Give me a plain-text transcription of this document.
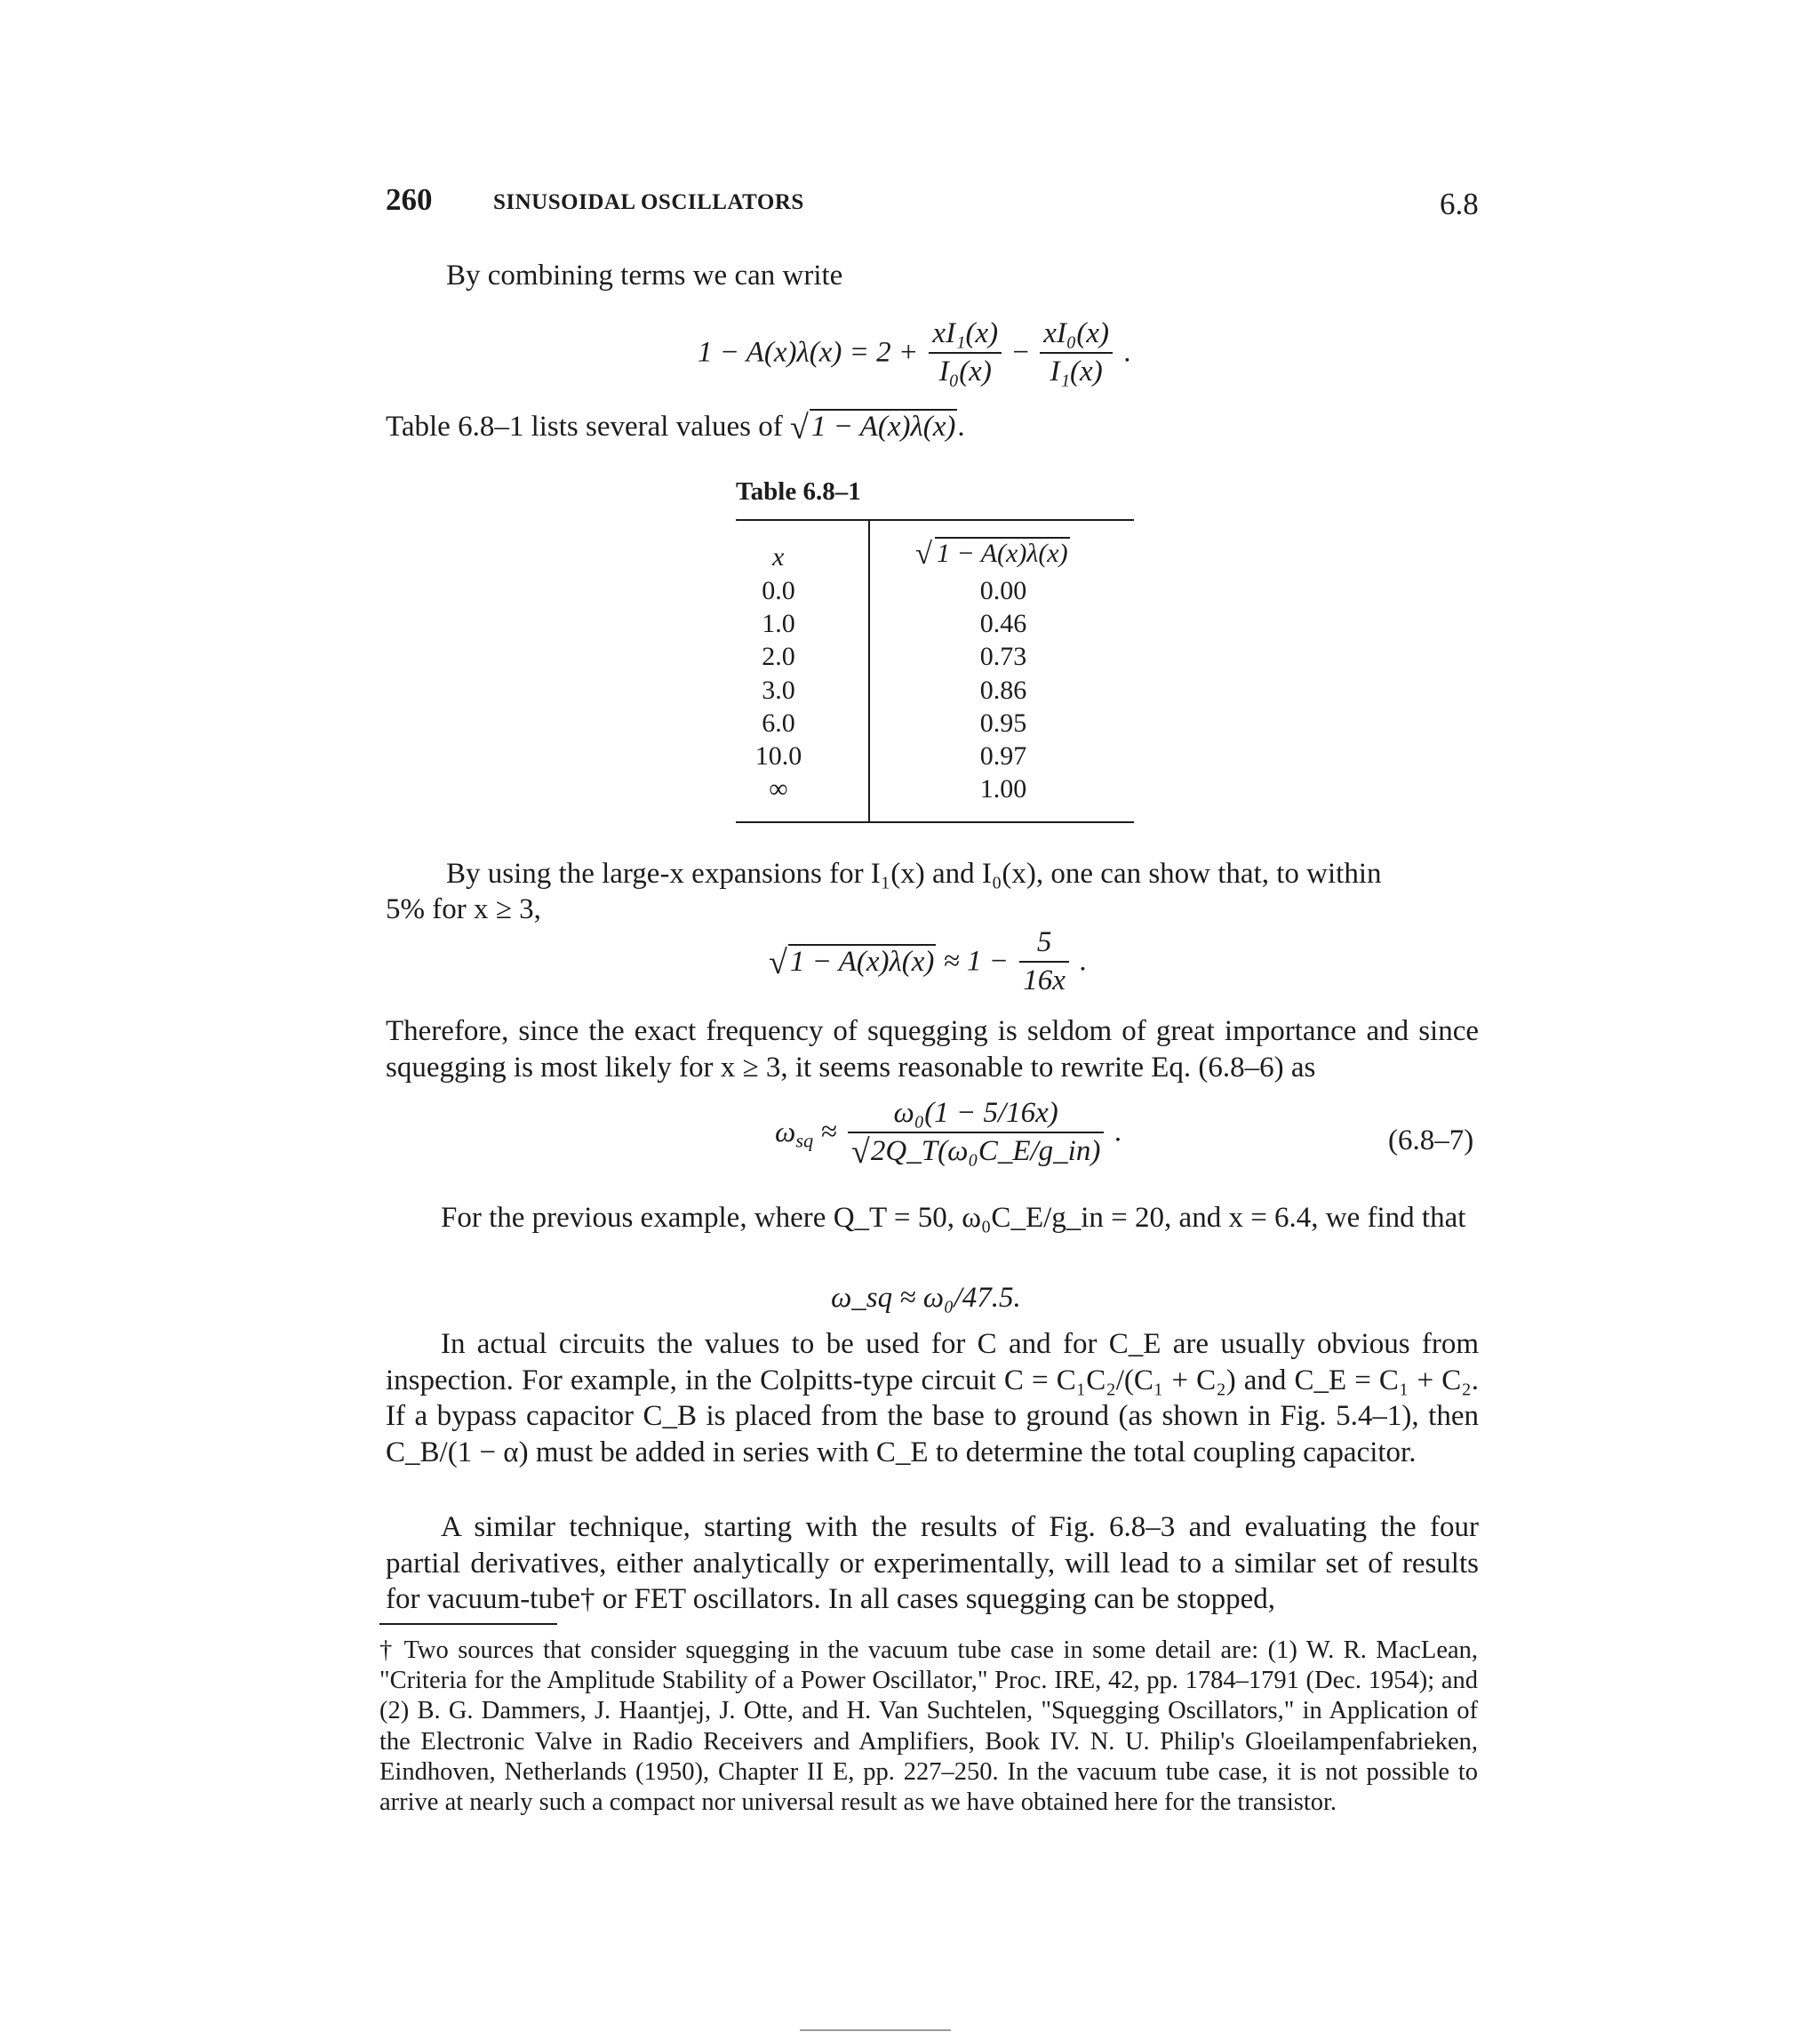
260	SINUSOIDAL OSCILLATORS	6.8
By combining terms we can write
$1 - A(x)\lambda(x) = 2 + \frac{\text{xI₁(x)}}{\text{I₀(x)}} - \frac{\text{xI₀(x)}}{\text{I₁(x)}}$ .
Table 6.8–1 lists several values of √ 1 − A(x)λ(x).
Table 6.8–1
x	√ 1 − A(x)λ(x)
0.0	0.00
1.0	0.46
2.0	0.73
3.0	0.86
6.0	0.95
10.0	0.97
∞	1.00
By using the large-x expansions for I₁(x) and I₀(x), one can show that, to within
5% for x ≥ 3,
√ $1 - A(x)\lambda(x) \approx 1 - \frac{5}{16x}$ .
Therefore, since the exact frequency of squegging is seldom of great importance and since squegging is most likely for x ≥ 3, it seems reasonable to rewrite Eq. (6.8–6) as
$\omega_{sq} \approx \omega_0(1 - 5/16x)$
√ 2Q_T(ω₀C_E/g_in) .	(6.8–7)
For the previous example, where Q_T = 50, ω₀C_E/g_in = 20, and x = 6.4, we find that
ω_sq ≈ ω₀/47.5.
In actual circuits the values to be used for C and for C_E are usually obvious from inspection. For example, in the Colpitts-type circuit C = C₁C₂/(C₁ + C₂) and C_E = C₁ + C₂. If a bypass capacitor C_B is placed from the base to ground (as shown in Fig. 5.4–1), then C_B/(1 − α) must be added in series with C_E to determine the total coupling capacitor.
A similar technique, starting with the results of Fig. 6.8–3 and evaluating the four partial derivatives, either analytically or experimentally, will lead to a similar set of results for vacuum-tube† or FET oscillators. In all cases squegging can be stopped,
† Two sources that consider squegging in the vacuum tube case in some detail are: (1) W. R. MacLean, "Criteria for the Amplitude Stability of a Power Oscillator," Proc. IRE, 42, pp. 1784–1791 (Dec. 1954); and (2) B. G. Dammers, J. Haantjej, J. Otte, and H. Van Suchtelen, "Squegging Oscillators," in Application of the Electronic Valve in Radio Receivers and Amplifiers, Book IV. N. U. Philip's Gloeilampenfabrieken, Eindhoven, Netherlands (1950), Chapter II E, pp. 227–250. In the vacuum tube case, it is not possible to arrive at nearly such a compact nor universal result as we have obtained here for the transistor.
